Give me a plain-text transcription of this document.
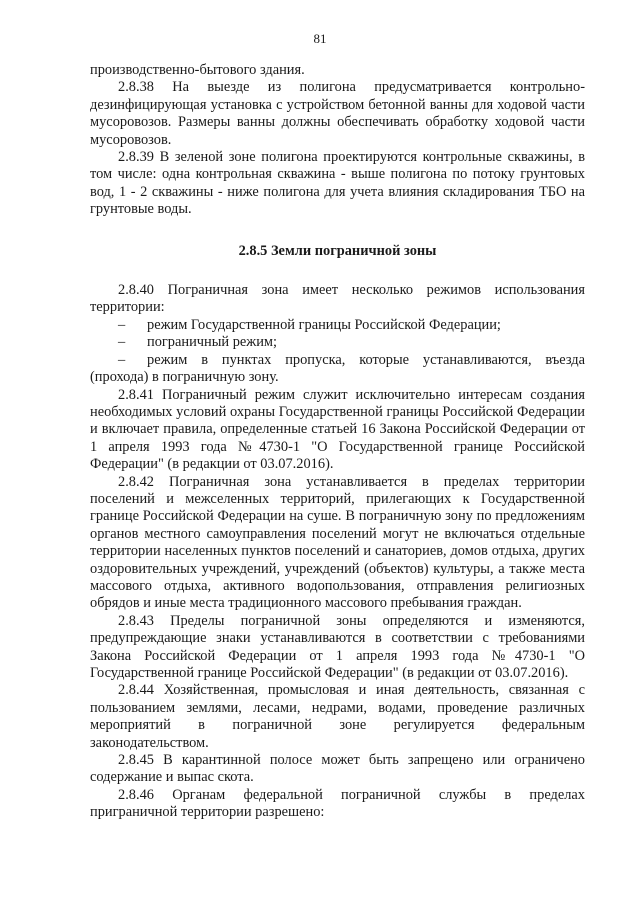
81

производственно-бытового здания.

2.8.38 На выезде из полигона предусматривается контрольно-дезинфицирующая установка с устройством бетонной ванны для ходовой части мусоровозов. Размеры ванны должны обеспечивать обработку ходовой части мусоровозов.

2.8.39 В зеленой зоне полигона проектируются контрольные скважины, в том числе: одна контрольная скважина - выше полигона по потоку грунтовых вод, 1 - 2 скважины - ниже полигона для учета влияния складирования ТБО на грунтовые воды.

2.8.5 Земли пограничной зоны

2.8.40 Пограничная зона имеет несколько режимов использования территории:

– режим Государственной границы Российской Федерации;
– пограничный режим;
– режим в пунктах пропуска, которые устанавливаются, въезда

(прохода) в пограничную зону.

2.8.41 Пограничный режим служит исключительно интересам создания необходимых условий охраны Государственной границы Российской Федерации и включает правила, определенные статьей 16 Закона Российской Федерации от 1 апреля 1993 года №4730-1 "О Государственной границе Российской Федерации" (в редакции от 03.07.2016).

2.8.42 Пограничная зона устанавливается в пределах территории поселений и межселенных территорий, прилегающих к Государственной границе Российской Федерации на суше. В пограничную зону по предложениям органов местного самоуправления поселений могут не включаться отдельные территории населенных пунктов поселений и санаториев, домов отдыха, других оздоровительных учреждений, учреждений (объектов) культуры, а также места массового отдыха, активного водопользования, отправления религиозных обрядов и иные места традиционного массового пребывания граждан.

2.8.43 Пределы пограничной зоны определяются и изменяются, предупреждающие знаки устанавливаются в соответствии с требованиями Закона Российской Федерации от 1 апреля 1993 года №4730-1 "О Государственной границе Российской Федерации" (в редакции от 03.07.2016).

2.8.44 Хозяйственная, промысловая и иная деятельность, связанная с пользованием землями, лесами, недрами, водами, проведение различных мероприятий в пограничной зоне регулируется федеральным законодательством.

2.8.45 В карантинной полосе может быть запрещено или ограничено содержание и выпас скота.

2.8.46 Органам федеральной пограничной службы в пределах приграничной территории разрешено:
